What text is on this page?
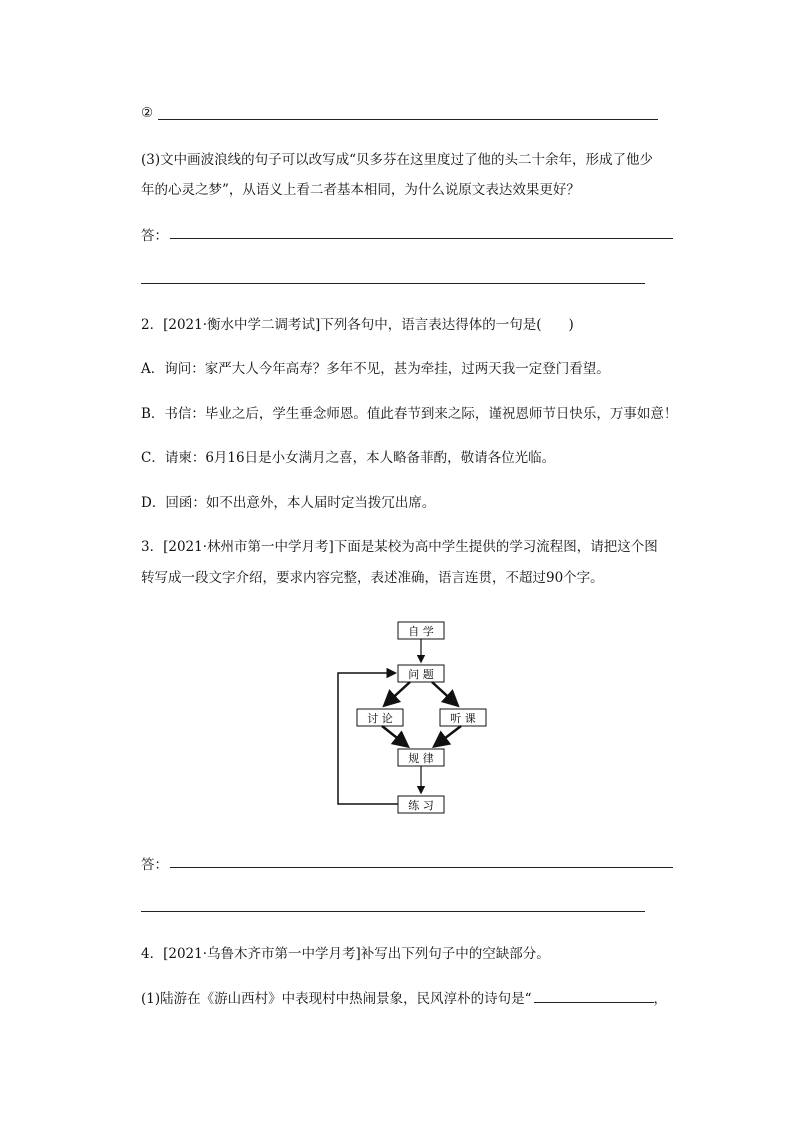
②
(3)文中画波浪线的句子可以改写成“贝多芬在这里度过了他的头二十余年，形成了他少
年的心灵之梦”，从语义上看二者基本相同，为什么说原文表达效果更好？
答：
2．[2021·衡水中学二调考试]下列各句中，语言表达得体的一句是(　　)
A．询问：家严大人今年高寿？多年不见，甚为牵挂，过两天我一定登门看望。
B．书信：毕业之后，学生垂念师恩。值此春节到来之际，谨祝恩师节日快乐，万事如意！
C．请柬：6月16日是小女满月之喜，本人略备菲酌，敬请各位光临。
D．回函：如不出意外，本人届时定当拨冗出席。
3．[2021·林州市第一中学月考]下面是某校为高中学生提供的学习流程图，请把这个图
转写成一段文字介绍，要求内容完整，表述准确，语言连贯，不超过90个字。
自 学
问 题
讨 论	听 课
规 律
练 习
答：
4．[2021·乌鲁木齐市第一中学月考]补写出下列句子中的空缺部分。
(1)陆游在《游山西村》中表现村中热闹景象，民风淳朴的诗句是“	，
